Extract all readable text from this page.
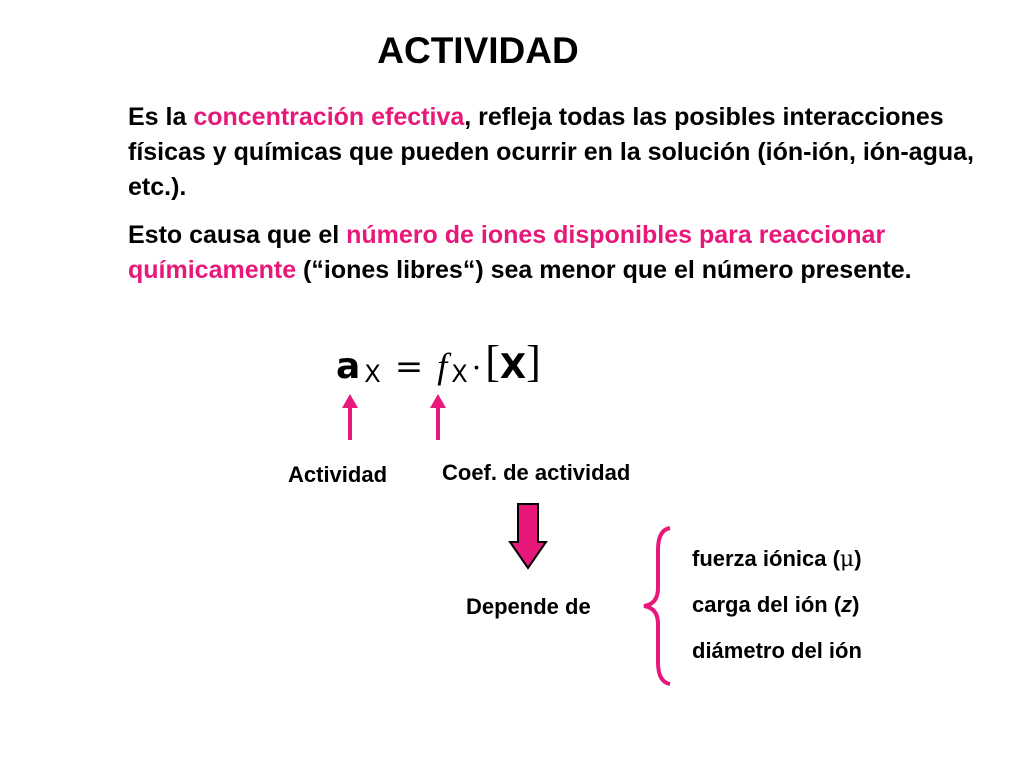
ACTIVIDAD
Es la concentración efectiva, refleja todas las posibles interacciones físicas y químicas que pueden ocurrir en la solución (ión-ión, ión-agua, etc.).
Esto causa que el número de iones disponibles para reaccionar químicamente (“iones libres“) sea menor que el número presente.
a X = f X ·[X]
Actividad Coef. de actividad
Depende de
fuerza iónica (μ)
carga del ión (z)
diámetro del ión
